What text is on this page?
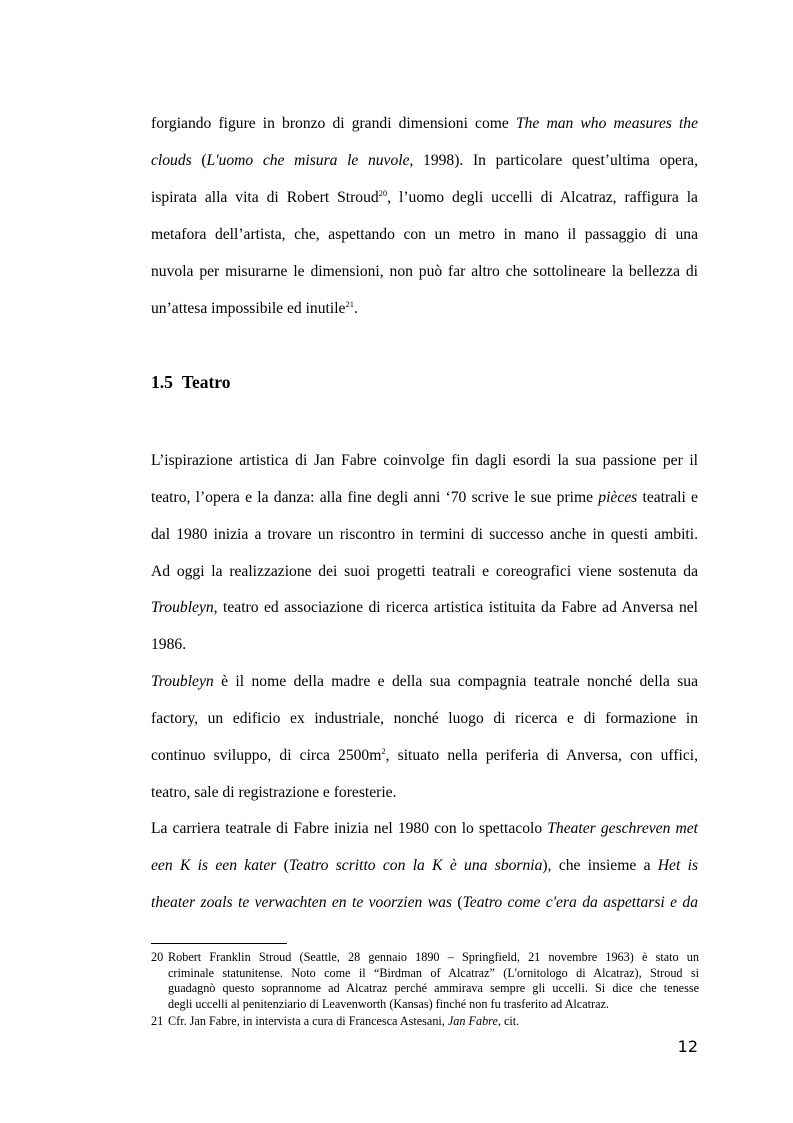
forgiando figure in bronzo di grandi dimensioni come The man who measures the
clouds (L'uomo che misura le nuvole, 1998). In particolare quest’ultima opera,
ispirata alla vita di Robert Stroud$^{20}$, l’uomo degli uccelli di Alcatraz, raffigura la
metafora dell’artista, che, aspettando con un metro in mano il passaggio di una
nuvola per misurarne le dimensioni, non può far altro che sottolineare la bellezza di
un’attesa impossibile ed inutile$^{21}$.
1.5 Teatro
L’ispirazione artistica di Jan Fabre coinvolge fin dagli esordi la sua passione per il
teatro, l’opera e la danza: alla fine degli anni ‘70 scrive le sue prime pièces teatrali e
dal 1980 inizia a trovare un riscontro in termini di successo anche in questi ambiti.
Ad oggi la realizzazione dei suoi progetti teatrali e coreografici viene sostenuta da
Troubleyn, teatro ed associazione di ricerca artistica istituita da Fabre ad Anversa nel
1986.
Troubleyn è il nome della madre e della sua compagnia teatrale nonché della sua
factory, un edificio ex industriale, nonché luogo di ricerca e di formazione in
continuo sviluppo, di circa $2500m^2$, situato nella periferia di Anversa, con uffici,
teatro, sale di registrazione e foresterie.
La carriera teatrale di Fabre inizia nel 1980 con lo spettacolo Theater geschreven met
een K is een kater (Teatro scritto con la K è una sbornia), che insieme a Het is
theater zoals te verwachten en te voorzien was (Teatro come c'era da aspettarsi e da
20 Robert Franklin Stroud (Seattle, 28 gennaio 1890 – Springfield, 21 novembre 1963) è stato un
criminale statunitense. Noto come il “Birdman of Alcatraz” (L'ornitologo di Alcatraz), Stroud si
guadagnò questo soprannome ad Alcatraz perché ammirava sempre gli uccelli. Si dice che tenesse
degli uccelli al penitenziario di Leavenworth (Kansas) finché non fu trasferito ad Alcatraz.
21 Cfr. Jan Fabre, in intervista a cura di Francesca Astesani, Jan Fabre, cit.
12
